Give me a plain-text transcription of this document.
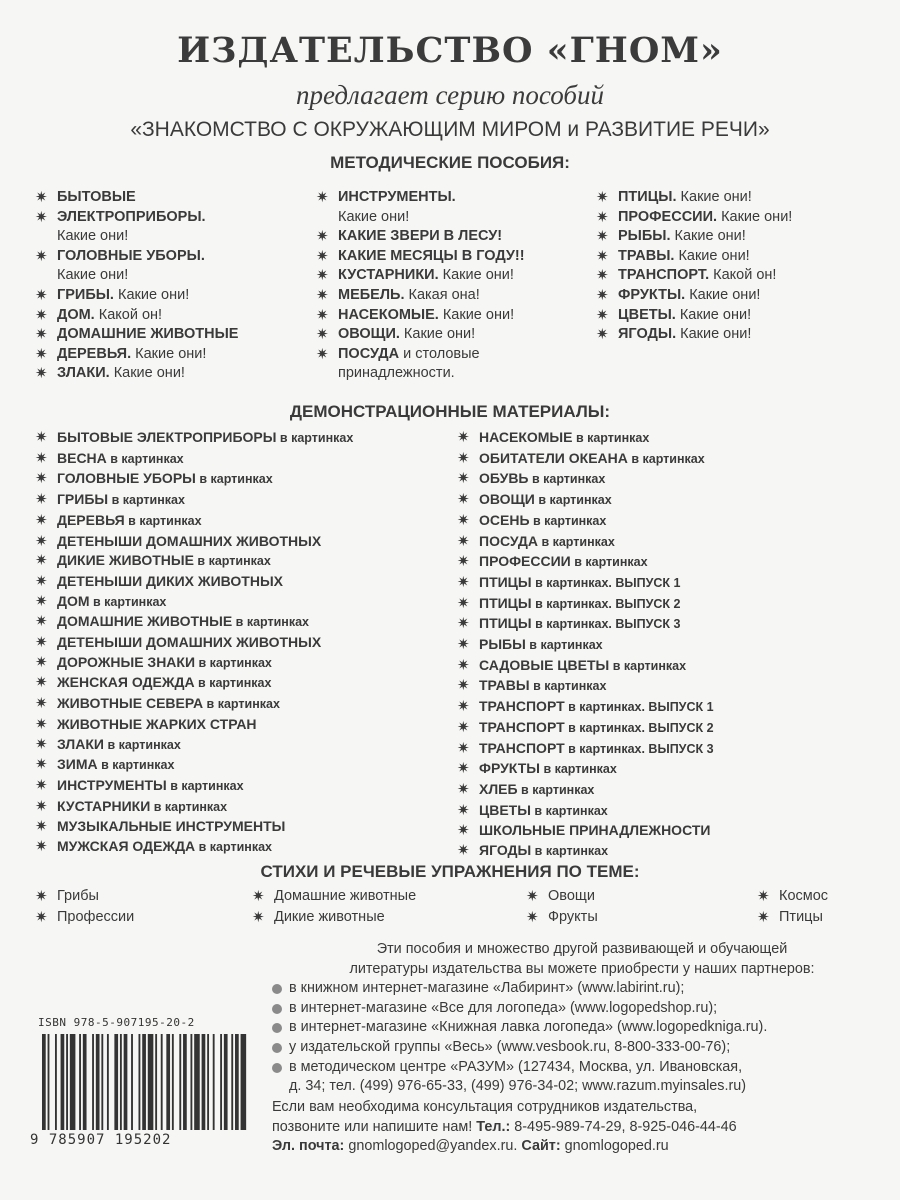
ИЗДАТЕЛЬСТВО «ГНОМ»
предлагает серию пособий
«ЗНАКОМСТВО С ОКРУЖАЮЩИМ МИРОМ и РАЗВИТИЕ РЕЧИ»
МЕТОДИЧЕСКИЕ ПОСОБИЯ:
✷ БЫТОВЫЕ
✷ ЭЛЕКТРОПРИБОРЫ.
Какие они!
✷ ГОЛОВНЫЕ УБОРЫ.
Какие они!
✷ ГРИБЫ. Какие они!
✷ ДОМ. Какой он!
✷ ДОМАШНИЕ ЖИВОТНЫЕ
✷ ДЕРЕВЬЯ. Какие они!
✷ ЗЛАКИ. Какие они!
✷ ИНСТРУМЕНТЫ.
Какие они!
✷ КАКИЕ ЗВЕРИ В ЛЕСУ!
✷ КАКИЕ МЕСЯЦЫ В ГОДУ!!
✷ КУСТАРНИКИ. Какие они!
✷ МЕБЕЛЬ. Какая она!
✷ НАСЕКОМЫЕ. Какие они!
✷ ОВОЩИ. Какие они!
✷ ПОСУДА и столовые
принадлежности.
✷ ПТИЦЫ. Какие они!
✷ ПРОФЕССИИ. Какие они!
✷ РЫБЫ. Какие они!
✷ ТРАВЫ. Какие они!
✷ ТРАНСПОРТ. Какой он!
✷ ФРУКТЫ. Какие они!
✷ ЦВЕТЫ. Какие они!
✷ ЯГОДЫ. Какие они!
ДЕМОНСТРАЦИОННЫЕ МАТЕРИАЛЫ:
✷ БЫТОВЫЕ ЭЛЕКТРОПРИБОРЫ в картинках
✷ ВЕСНА в картинках
✷ ГОЛОВНЫЕ УБОРЫ в картинках
✷ ГРИБЫ в картинках
✷ ДЕРЕВЬЯ в картинках
✷ ДЕТЕНЫШИ ДОМАШНИХ ЖИВОТНЫХ
✷ ДИКИЕ ЖИВОТНЫЕ в картинках
✷ ДЕТЕНЫШИ ДИКИХ ЖИВОТНЫХ
✷ ДОМ в картинках
✷ ДОМАШНИЕ ЖИВОТНЫЕ в картинках
✷ ДЕТЕНЫШИ ДОМАШНИХ ЖИВОТНЫХ
✷ ДОРОЖНЫЕ ЗНАКИ в картинках
✷ ЖЕНСКАЯ ОДЕЖДА в картинках
✷ ЖИВОТНЫЕ СЕВЕРА в картинках
✷ ЖИВОТНЫЕ ЖАРКИХ СТРАН
✷ ЗЛАКИ в картинках
✷ ЗИМА в картинках
✷ ИНСТРУМЕНТЫ в картинках
✷ КУСТАРНИКИ в картинках
✷ МУЗЫКАЛЬНЫЕ ИНСТРУМЕНТЫ
✷ МУЖСКАЯ ОДЕЖДА в картинках
✷ НАСЕКОМЫЕ в картинках
✷ ОБИТАТЕЛИ ОКЕАНА в картинках
✷ ОБУВЬ в картинках
✷ ОВОЩИ в картинках
✷ ОСЕНЬ в картинках
✷ ПОСУДА в картинках
✷ ПРОФЕССИИ в картинках
✷ ПТИЦЫ в картинках. ВЫПУСК 1
✷ ПТИЦЫ в картинках. ВЫПУСК 2
✷ ПТИЦЫ в картинках. ВЫПУСК 3
✷ РЫБЫ в картинках
✷ САДОВЫЕ ЦВЕТЫ в картинках
✷ ТРАВЫ в картинках
✷ ТРАНСПОРТ в картинках. ВЫПУСК 1
✷ ТРАНСПОРТ в картинках. ВЫПУСК 2
✷ ТРАНСПОРТ в картинках. ВЫПУСК 3
✷ ФРУКТЫ в картинках
✷ ХЛЕБ в картинках
✷ ЦВЕТЫ в картинках
✷ ШКОЛЬНЫЕ ПРИНАДЛЕЖНОСТИ
✷ ЯГОДЫ в картинках
СТИХИ И РЕЧЕВЫЕ УПРАЖНЕНИЯ ПО ТЕМЕ:
✷ Грибы
✷ Профессии
✷ Домашние животные
✷ Дикие животные
✷ Овощи
✷ Фрукты
✷ Космос
✷ Птицы
Эти пособия и множество другой развивающей и обучающей
литературы издательства вы можете приобрести у наших партнеров:
в книжном интернет-магазине «Лабиринт» (www.labirint.ru);
в интернет-магазине «Все для логопеда» (www.logopedshop.ru);
в интернет-магазине «Книжная лавка логопеда» (www.logopedkniga.ru).
у издательской группы «Весь» (www.vesbook.ru, 8-800-333-00-76);
в методическом центре «РАЗУМ» (127434, Москва, ул. Ивановская,
д. 34; тел. (499) 976-65-33, (499) 976-34-02; www.razum.myinsales.ru)
Если вам необходима консультация сотрудников издательства,
позвоните или напишите нам! Тел.: 8-495-989-74-29, 8-925-046-44-46
Эл. почта: gnomlogoped@yandex.ru. Сайт: gnomlogoped.ru
ISBN 978-5-907195-20-2
9 785907 195202
